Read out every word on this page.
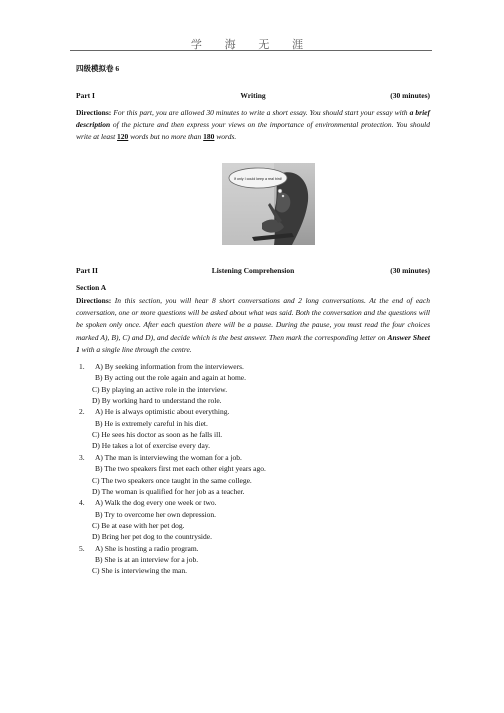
学 海 无 涯
四级模拟卷 6
Part I	Writing	(30 minutes)
Directions: For this part, you are allowed 30 minutes to write a short essay. You should start your essay with a brief description of the picture and then express your views on the importance of environmental protection. You should write at least 120 words but no more than 180 words.
If only I could keep a real bird!
Part II	Listening Comprehension	(30 minutes)
Section A
Directions: In this section, you will hear 8 short conversations and 2 long conversations. At the end of each conversation, one or more questions will be asked about what was said. Both the conversation and the questions will be spoken only once. After each question there will be a pause. During the pause, you must read the four choices marked A), B), C) and D), and decide which is the best answer. Then mark the corresponding letter on Answer Sheet 1 with a single line through the centre.
1. A) By seeking information from the interviewers.
B) By acting out the role again and again at home.
C) By playing an active role in the interview.
D) By working hard to understand the role.
2. A) He is always optimistic about everything.
B) He is extremely careful in his diet.
C) He sees his doctor as soon as he falls ill.
D) He takes a lot of exercise every day.
3. A) The man is interviewing the woman for a job.
B) The two speakers first met each other eight years ago.
C) The two speakers once taught in the same college.
D) The woman is qualified for her job as a teacher.
4. A) Walk the dog every one week or two.
B) Try to overcome her own depression.
C) Be at ease with her pet dog.
D) Bring her pet dog to the countryside.
5. A) She is hosting a radio program.
B) She is at an interview for a job.
C) She is interviewing the man.
